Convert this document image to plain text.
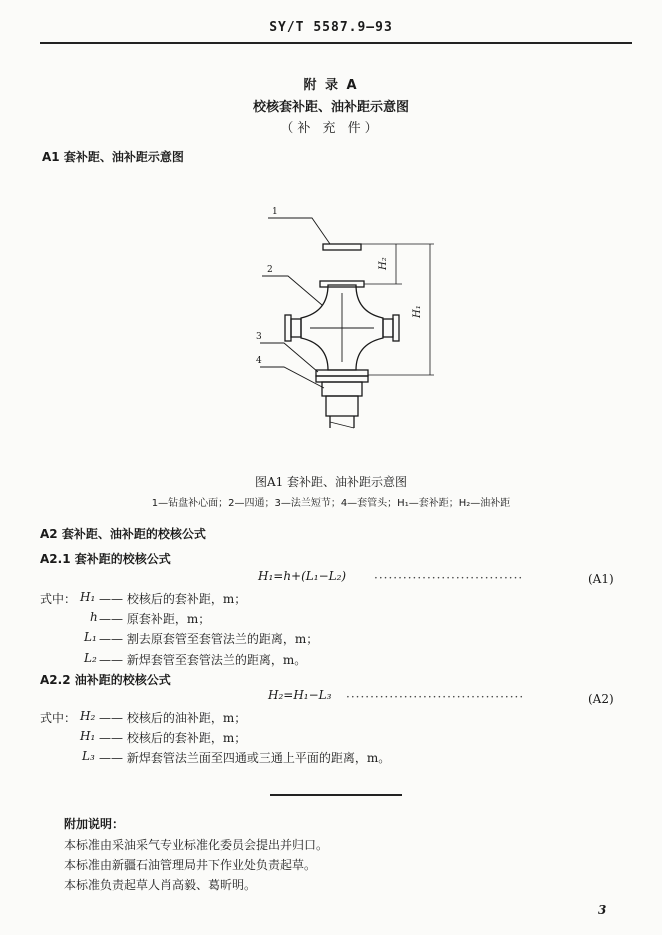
SY/T 5587.9—93
附 录 A
校核套补距、油补距示意图
（补 充 件）
A1 套补距、油补距示意图
1
2
3
4
H₂
H₁
图A1 套补距、油补距示意图
1—钻盘补心面；2—四通；3—法兰短节；4—套管头；H₁—套补距；H₂—油补距
A2 套补距、油补距的校核公式
A2.1 套补距的校核公式
H₁=h+(L₁−L₂) ·······························	(A1)
式中： H₁ —— 校核后的套补距，m；
h —— 原套补距，m；
L₁ —— 割去原套管至套管法兰的距离，m；
L₂ —— 新焊套管至套管法兰的距离，m。
A2.2 油补距的校核公式
H₂=H₁−L₃ ·····································	(A2)
式中： H₂ —— 校核后的油补距，m；
H₁ —— 校核后的套补距，m；
L₃ —— 新焊套管法兰面至四通或三通上平面的距离，m。
附加说明：
本标准由采油采气专业标准化委员会提出并归口。
本标准由新疆石油管理局井下作业处负责起草。
本标准负责起草人肖高毅、葛昕明。
3
